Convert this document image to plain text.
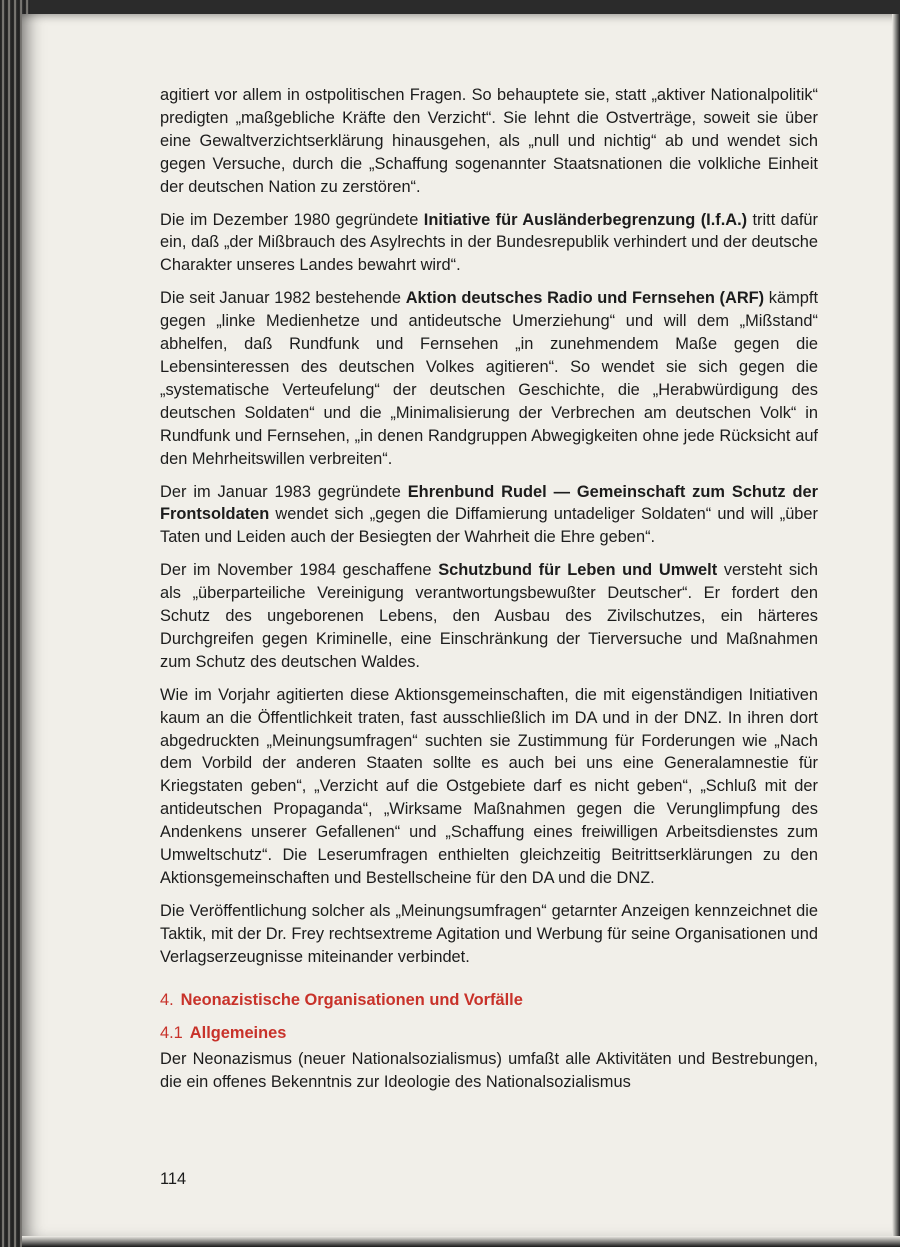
agitiert vor allem in ostpolitischen Fragen. So behauptete sie, statt „aktiver Nationalpolitik“ predigten „maßgebliche Kräfte den Verzicht“. Sie lehnt die Ostverträge, soweit sie über eine Gewaltverzichtserklärung hinausgehen, als „null und nichtig“ ab und wendet sich gegen Versuche, durch die „Schaffung sogenannter Staatsnationen die volkliche Einheit der deutschen Nation zu zerstören“.

Die im Dezember 1980 gegründete Initiative für Ausländerbegrenzung (I.f.A.) tritt dafür ein, daß „der Mißbrauch des Asylrechts in der Bundesrepublik verhindert und der deutsche Charakter unseres Landes bewahrt wird“.

Die seit Januar 1982 bestehende Aktion deutsches Radio und Fernsehen (ARF) kämpft gegen „linke Medienhetze und antideutsche Umerziehung“ und will dem „Mißstand“ abhelfen, daß Rundfunk und Fernsehen „in zunehmendem Maße gegen die Lebensinteressen des deutschen Volkes agitieren“. So wendet sie sich gegen die „systematische Verteufelung“ der deutschen Geschichte, die „Herabwürdigung des deutschen Soldaten“ und die „Minimalisierung der Verbrechen am deutschen Volk“ in Rundfunk und Fernsehen, „in denen Randgruppen Abwegigkeiten ohne jede Rücksicht auf den Mehrheitswillen verbreiten“.

Der im Januar 1983 gegründete Ehrenbund Rudel — Gemeinschaft zum Schutz der Frontsoldaten wendet sich „gegen die Diffamierung untadeliger Soldaten“ und will „über Taten und Leiden auch der Besiegten der Wahrheit die Ehre geben“.

Der im November 1984 geschaffene Schutzbund für Leben und Umwelt versteht sich als „überparteiliche Vereinigung verantwortungsbewußter Deutscher“. Er fordert den Schutz des ungeborenen Lebens, den Ausbau des Zivilschutzes, ein härteres Durchgreifen gegen Kriminelle, eine Einschränkung der Tierversuche und Maßnahmen zum Schutz des deutschen Waldes.

Wie im Vorjahr agitierten diese Aktionsgemeinschaften, die mit eigenständigen Initiativen kaum an die Öffentlichkeit traten, fast ausschließlich im DA und in der DNZ. In ihren dort abgedruckten „Meinungsumfragen“ suchten sie Zustimmung für Forderungen wie „Nach dem Vorbild der anderen Staaten sollte es auch bei uns eine Generalamnestie für Kriegstaten geben“, „Verzicht auf die Ostgebiete darf es nicht geben“, „Schluß mit der antideutschen Propaganda“, „Wirksame Maßnahmen gegen die Verunglimpfung des Andenkens unserer Gefallenen“ und „Schaffung eines freiwilligen Arbeitsdienstes zum Umweltschutz“. Die Leserumfragen enthielten gleichzeitig Beitrittserklärungen zu den Aktionsgemeinschaften und Bestellscheine für den DA und die DNZ.

Die Veröffentlichung solcher als „Meinungsumfragen“ getarnter Anzeigen kennzeichnet die Taktik, mit der Dr. Frey rechtsextreme Agitation und Werbung für seine Organisationen und Verlagserzeugnisse miteinander verbindet.

4. Neonazistische Organisationen und Vorfälle
4.1 Allgemeines

Der Neonazismus (neuer Nationalsozialismus) umfaßt alle Aktivitäten und Bestrebungen, die ein offenes Bekenntnis zur Ideologie des Nationalsozialismus

114
